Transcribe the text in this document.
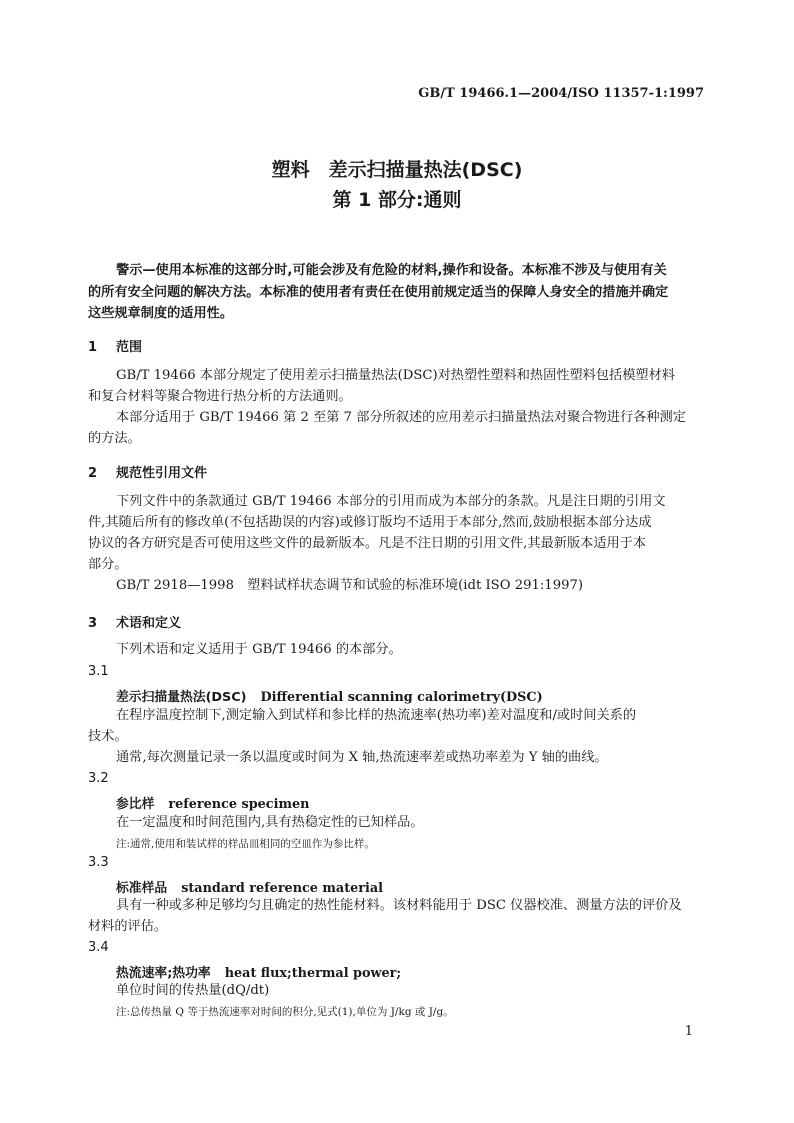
GB/T 19466.1—2004/ISO 11357-1:1997
塑料　差示扫描量热法(DSC)
第 1 部分:通则
警示—使用本标准的这部分时,可能会涉及有危险的材料,操作和设备。本标准不涉及与使用有关
的所有安全问题的解决方法。本标准的使用者有责任在使用前规定适当的保障人身安全的措施并确定
这些规章制度的适用性。
1 范围
GB/T 19466 本部分规定了使用差示扫描量热法(DSC)对热塑性塑料和热固性塑料包括模塑材料
和复合材料等聚合物进行热分析的方法通则。
本部分适用于 GB/T 19466 第 2 至第 7 部分所叙述的应用差示扫描量热法对聚合物进行各种测定
的方法。
2 规范性引用文件
下列文件中的条款通过 GB/T 19466 本部分的引用而成为本部分的条款。凡是注日期的引用文
件,其随后所有的修改单(不包括勘误的内容)或修订版均不适用于本部分,然而,鼓励根据本部分达成
协议的各方研究是否可使用这些文件的最新版本。凡是不注日期的引用文件,其最新版本适用于本
部分。
GB/T 2918—1998　塑料试样状态调节和试验的标准环境(idt ISO 291:1997)
3 术语和定义
下列术语和定义适用于 GB/T 19466 的本部分。
3.1
差示扫描量热法(DSC) Differential scanning calorimetry(DSC)
在程序温度控制下,测定输入到试样和参比样的热流速率(热功率)差对温度和/或时间关系的
技术。
通常,每次测量记录一条以温度或时间为 X 轴,热流速率差或热功率差为 Y 轴的曲线。
3.2
参比样 reference specimen
在一定温度和时间范围内,具有热稳定性的已知样品。
注:通常,使用和装试样的样品皿相同的空皿作为参比样。
3.3
标准样品 standard reference material
具有一种或多种足够均匀且确定的热性能材料。该材料能用于 DSC 仪器校准、测量方法的评价及
材料的评估。
3.4
热流速率;热功率 heat flux;thermal power;
单位时间的传热量(dQ/dt)
注:总传热量 Q 等于热流速率对时间的积分,见式(1),单位为 J/kg 或 J/g。
1
